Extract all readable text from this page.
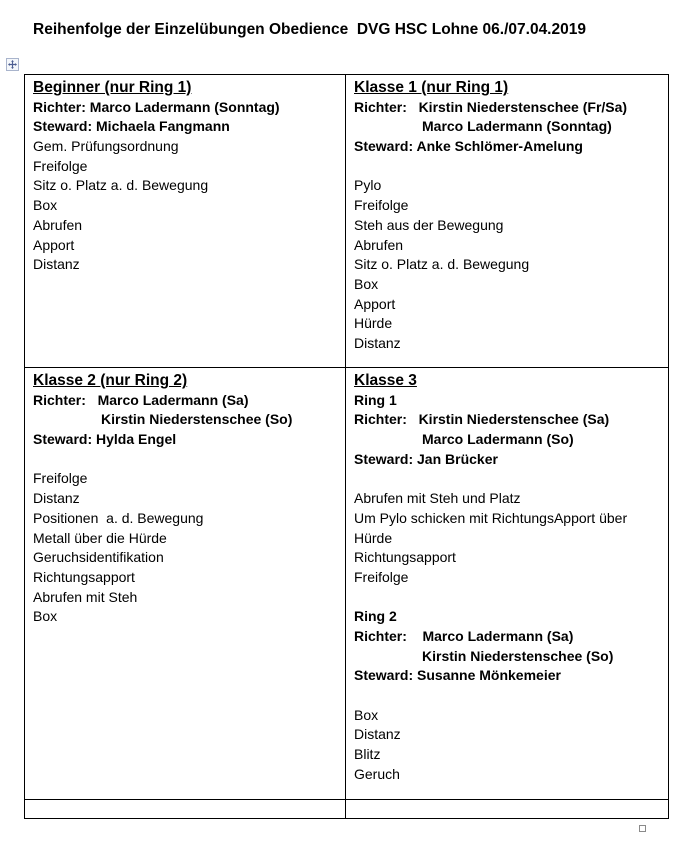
Reihenfolge der Einzelübungen Obedience  DVG HSC Lohne 06./07.04.2019
Beginner (nur Ring 1)
Richter: Marco Ladermann (Sonntag)
Steward: Michaela Fangmann
Gem. Prüfungsordnung
Freifolge
Sitz o. Platz a. d. Bewegung
Box
Abrufen
Apport
Distanz

Klasse 1 (nur Ring 1)
Richter:   Kirstin Niederstenschee (Fr/Sa)
Marco Ladermann (Sonntag)
Steward: Anke Schlömer-Amelung

Pylo
Freifolge
Steh aus der Bewegung
Abrufen
Sitz o. Platz a. d. Bewegung
Box
Apport
Hürde
Distanz

Klasse 2 (nur Ring 2)
Richter:   Marco Ladermann (Sa)
Kirstin Niederstenschee (So)
Steward: Hylda Engel

Freifolge
Distanz
Positionen  a. d. Bewegung
Metall über die Hürde
Geruchsidentifikation
Richtungsapport
Abrufen mit Steh
Box

Klasse 3
Ring 1
Richter:   Kirstin Niederstenschee (Sa)
Marco Ladermann (So)
Steward: Jan Brücker

Abrufen mit Steh und Platz
Um Pylo schicken mit RichtungsApport über
Hürde
Richtungsapport
Freifolge

Ring 2
Richter:    Marco Ladermann (Sa)
Kirstin Niederstenschee (So)
Steward: Susanne Mönkemeier

Box
Distanz
Blitz
Geruch
